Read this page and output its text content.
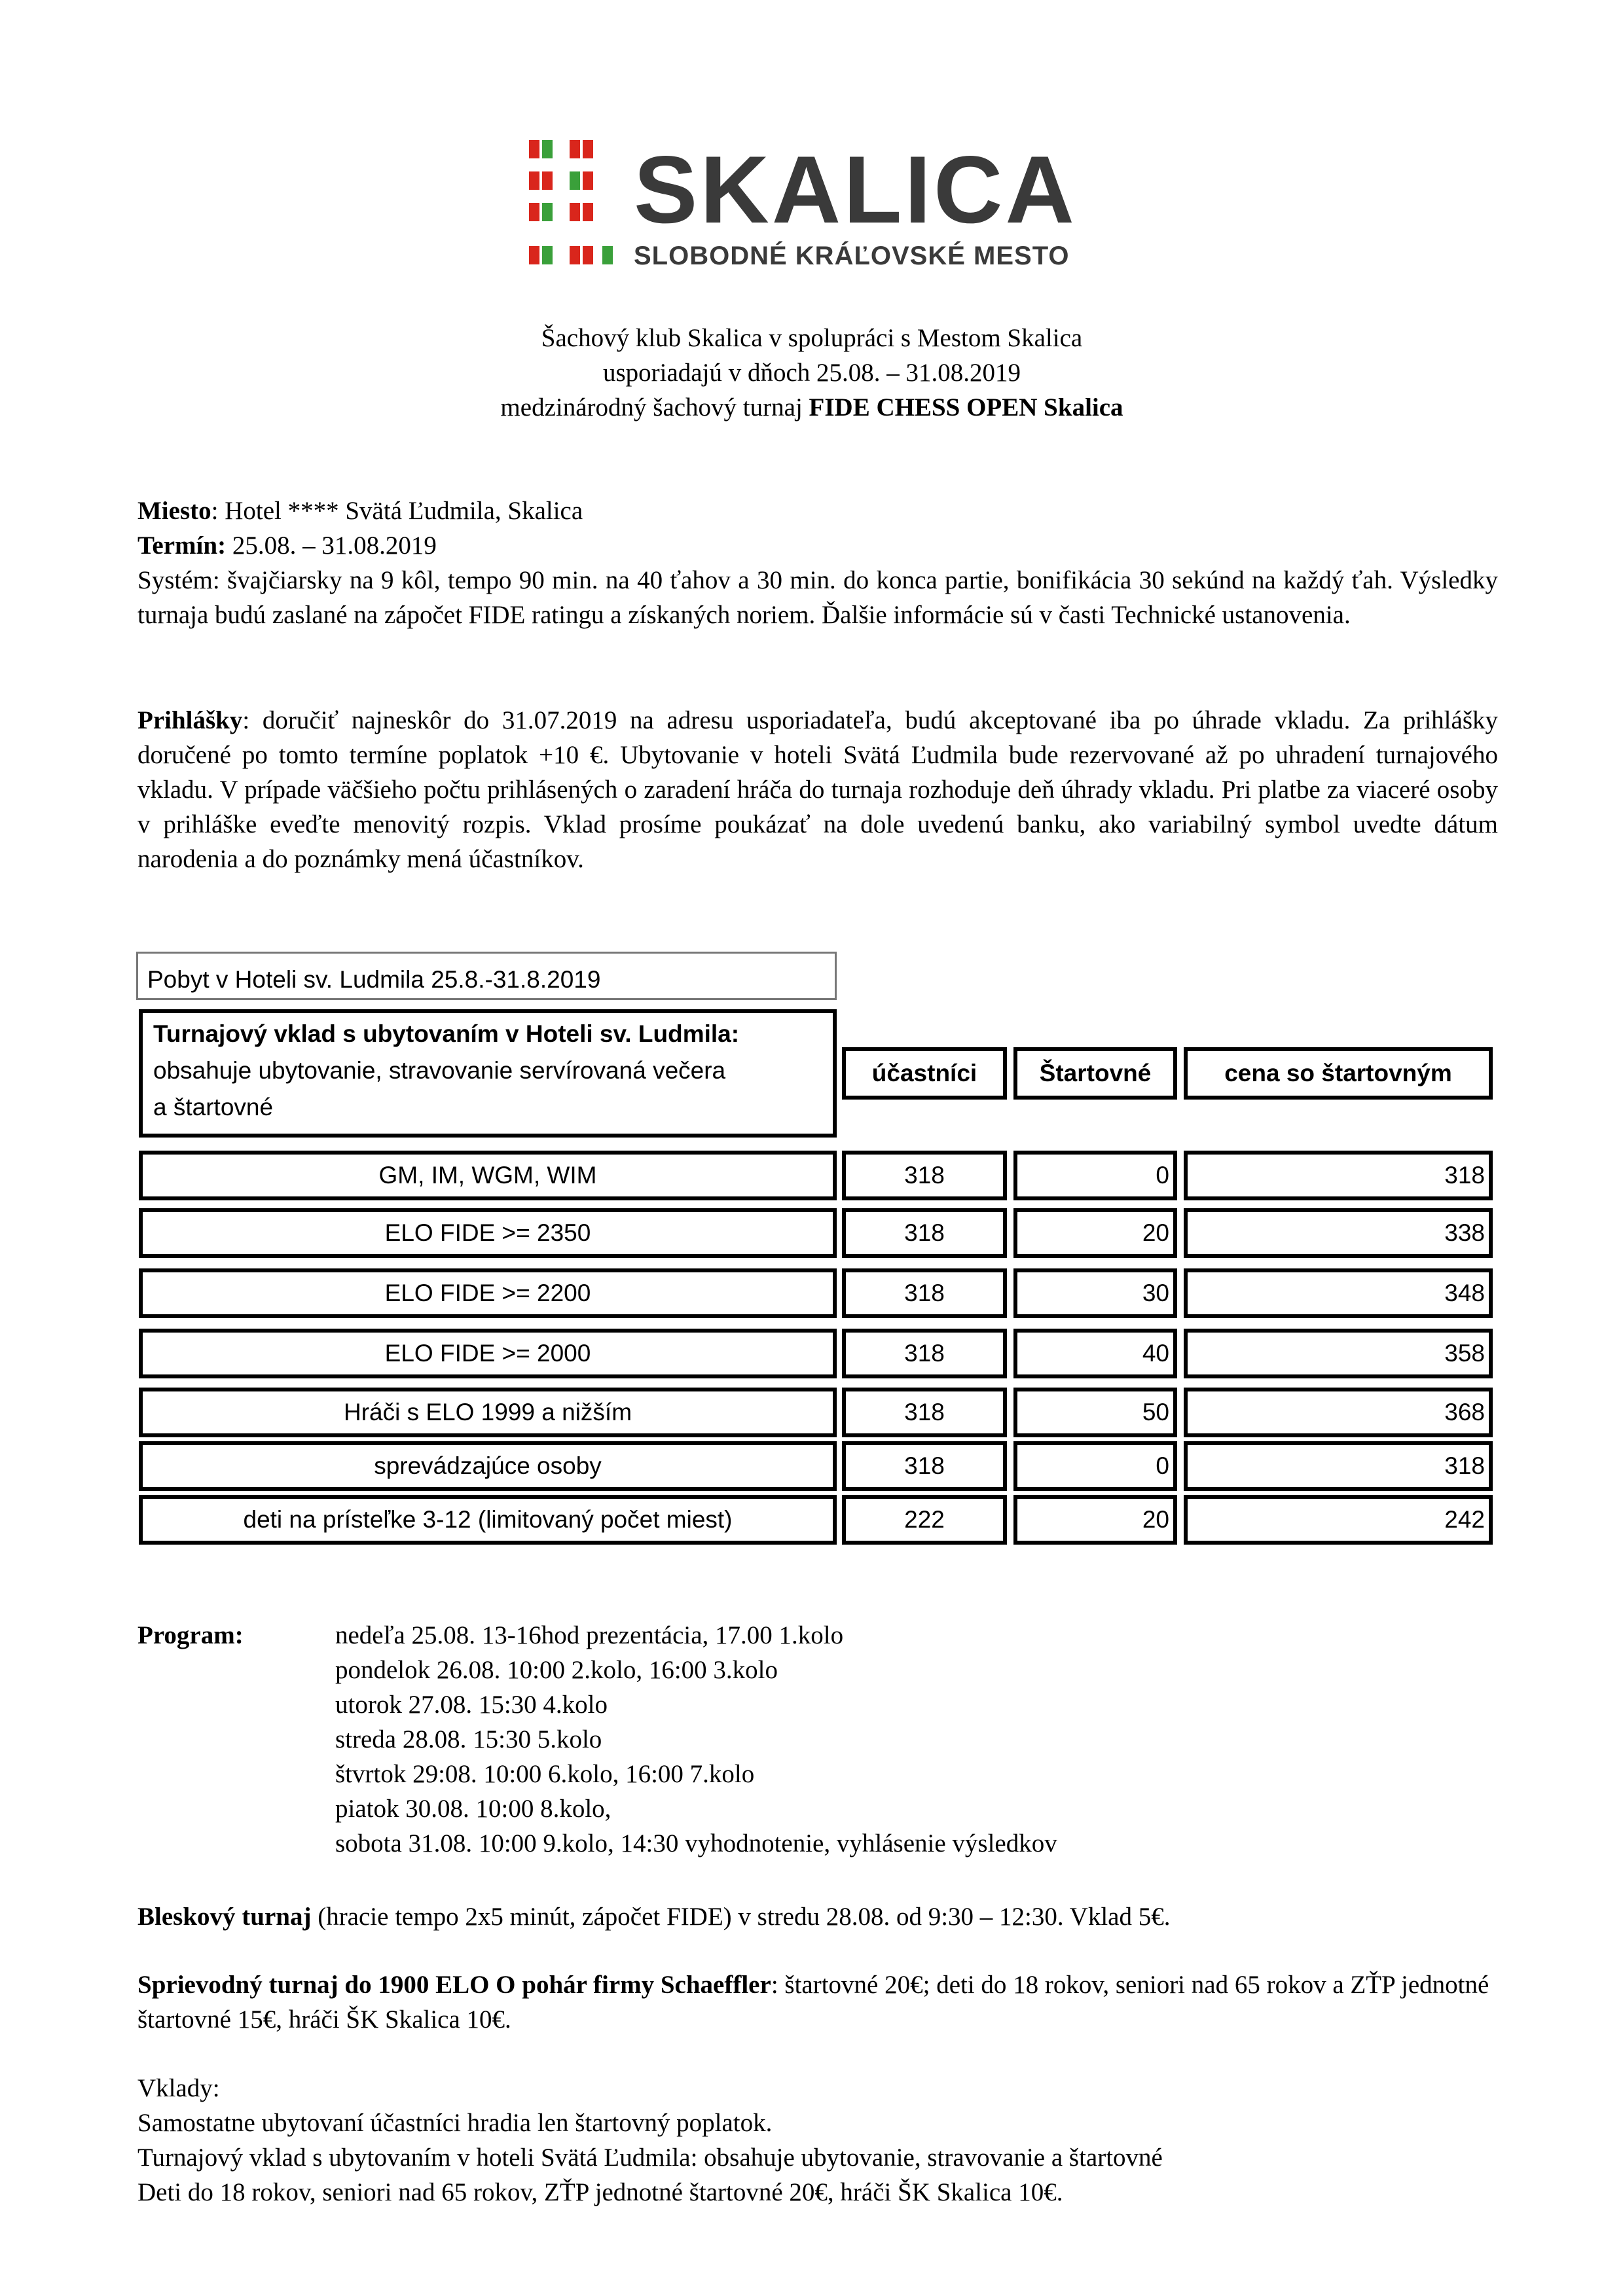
SKALICA
SLOBODNÉ KRÁĽOVSKÉ MESTO
Šachový klub Skalica v spolupráci s Mestom Skalica
usporiadajú v dňoch 25.08. – 31.08.2019
medzinárodný šachový turnaj FIDE CHESS OPEN Skalica

Miesto: Hotel **** Svätá Ľudmila, Skalica

Termín: 25.08. – 31.08.2019

Systém: švajčiarsky na 9 kôl, tempo 90 min. na 40 ťahov a 30 min. do konca partie, bonifikácia 30 sekúnd na každý ťah. Výsledky turnaja budú zaslané na zápočet FIDE ratingu a získaných noriem. Ďalšie informácie sú v časti Technické ustanovenia.

Prihlášky: doručiť najneskôr do 31.07.2019 na adresu usporiadateľa, budú akceptované iba po úhrade vkladu. Za prihlášky doručené po tomto termíne poplatok +10 €. Ubytovanie v hoteli Svätá Ľudmila bude rezervované až po uhradení turnajového vkladu. V prípade väčšieho počtu prihlásených o zaradení hráča do turnaja rozhoduje deň úhrady vkladu. Pri platbe za viaceré osoby v prihláške eveďte menovitý rozpis. Vklad prosíme poukázať na dole uvedenú banku, ako variabilný symbol uvedte dátum narodenia a do poznámky mená účastníkov.

Pobyt v Hoteli sv. Ludmila 25.8.-31.8.2019
Turnajový vklad s ubytovaním v Hoteli sv. Ludmila:
obsahuje ubytovanie, stravovanie servírovaná večera
a štartovné
účastníci	Štartovné	cena so štartovným
GM, IM, WGM, WIM	318	0	318
ELO FIDE >= 2350	318	20	338
ELO FIDE >= 2200	318	30	348
ELO FIDE >= 2000	318	40	358
Hráči s ELO 1999 a nižším	318	50	368
sprevádzajúce osoby	318	0	318
deti na prísteľke 3-12 (limitovaný počet miest)	222	20	242
Program:	nedeľa 25.08. 13-16hod prezentácia, 17.00 1.kolo
pondelok 26.08. 10:00 2.kolo, 16:00 3.kolo
utorok 27.08. 15:30 4.kolo
streda 28.08. 15:30 5.kolo
štvrtok 29:08. 10:00 6.kolo, 16:00 7.kolo
piatok 30.08. 10:00 8.kolo,
sobota 31.08. 10:00 9.kolo, 14:30 vyhodnotenie, vyhlásenie výsledkov

Bleskový turnaj (hracie tempo 2x5 minút, zápočet FIDE) v stredu 28.08. od 9:30 – 12:30. Vklad 5€.

Sprievodný turnaj do 1900 ELO O pohár firmy Schaeffler: štartovné 20€; deti do 18 rokov, seniori nad 65 rokov a ZŤP jednotné štartovné 15€, hráči ŠK Skalica 10€.

Vklady:

Samostatne ubytovaní účastníci hradia len štartovný poplatok.

Turnajový vklad s ubytovaním v hoteli Svätá Ľudmila: obsahuje ubytovanie, stravovanie a štartovné

Deti do 18 rokov, seniori nad 65 rokov, ZŤP jednotné štartovné 20€, hráči ŠK Skalica 10€.
